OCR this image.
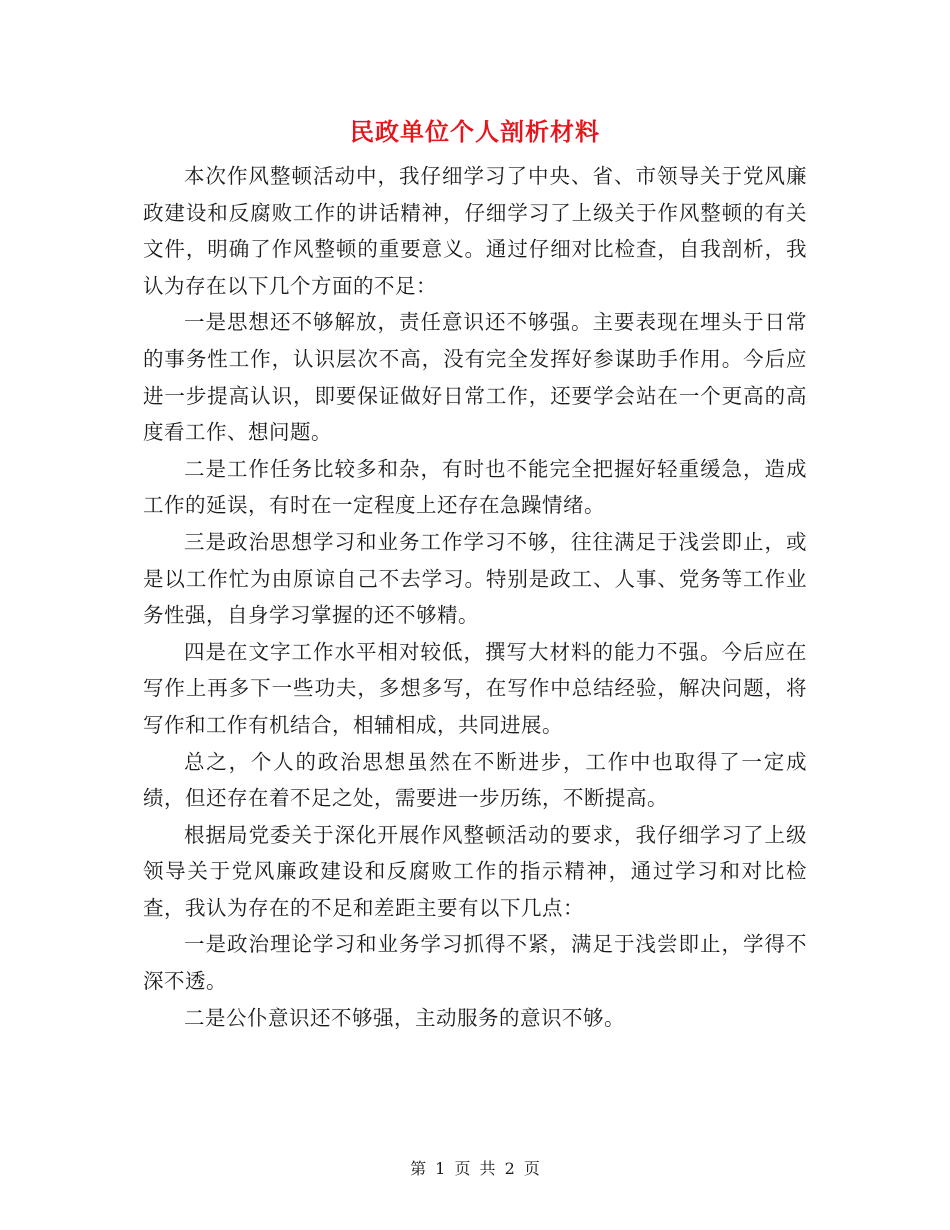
民政单位个人剖析材料

本次作风整顿活动中，我仔细学习了中央、省、市领导关于党风廉政建设和反腐败工作的讲话精神，仔细学习了上级关于作风整顿的有关文件，明确了作风整顿的重要意义。通过仔细对比检查，自我剖析，我认为存在以下几个方面的不足：

一是思想还不够解放，责任意识还不够强。主要表现在埋头于日常的事务性工作，认识层次不高，没有完全发挥好参谋助手作用。今后应进一步提高认识，即要保证做好日常工作，还要学会站在一个更高的高度看工作、想问题。

二是工作任务比较多和杂，有时也不能完全把握好轻重缓急，造成工作的延误，有时在一定程度上还存在急躁情绪。

三是政治思想学习和业务工作学习不够，往往满足于浅尝即止，或是以工作忙为由原谅自己不去学习。特别是政工、人事、党务等工作业务性强，自身学习掌握的还不够精。

四是在文字工作水平相对较低，撰写大材料的能力不强。今后应在写作上再多下一些功夫，多想多写，在写作中总结经验，解决问题，将写作和工作有机结合，相辅相成，共同进展。

总之，个人的政治思想虽然在不断进步，工作中也取得了一定成绩，但还存在着不足之处，需要进一步历练，不断提高。

根据局党委关于深化开展作风整顿活动的要求，我仔细学习了上级领导关于党风廉政建设和反腐败工作的指示精神，通过学习和对比检查，我认为存在的不足和差距主要有以下几点：

一是政治理论学习和业务学习抓得不紧，满足于浅尝即止，学得不深不透。

二是公仆意识还不够强，主动服务的意识不够。

第 1 页 共 2 页
